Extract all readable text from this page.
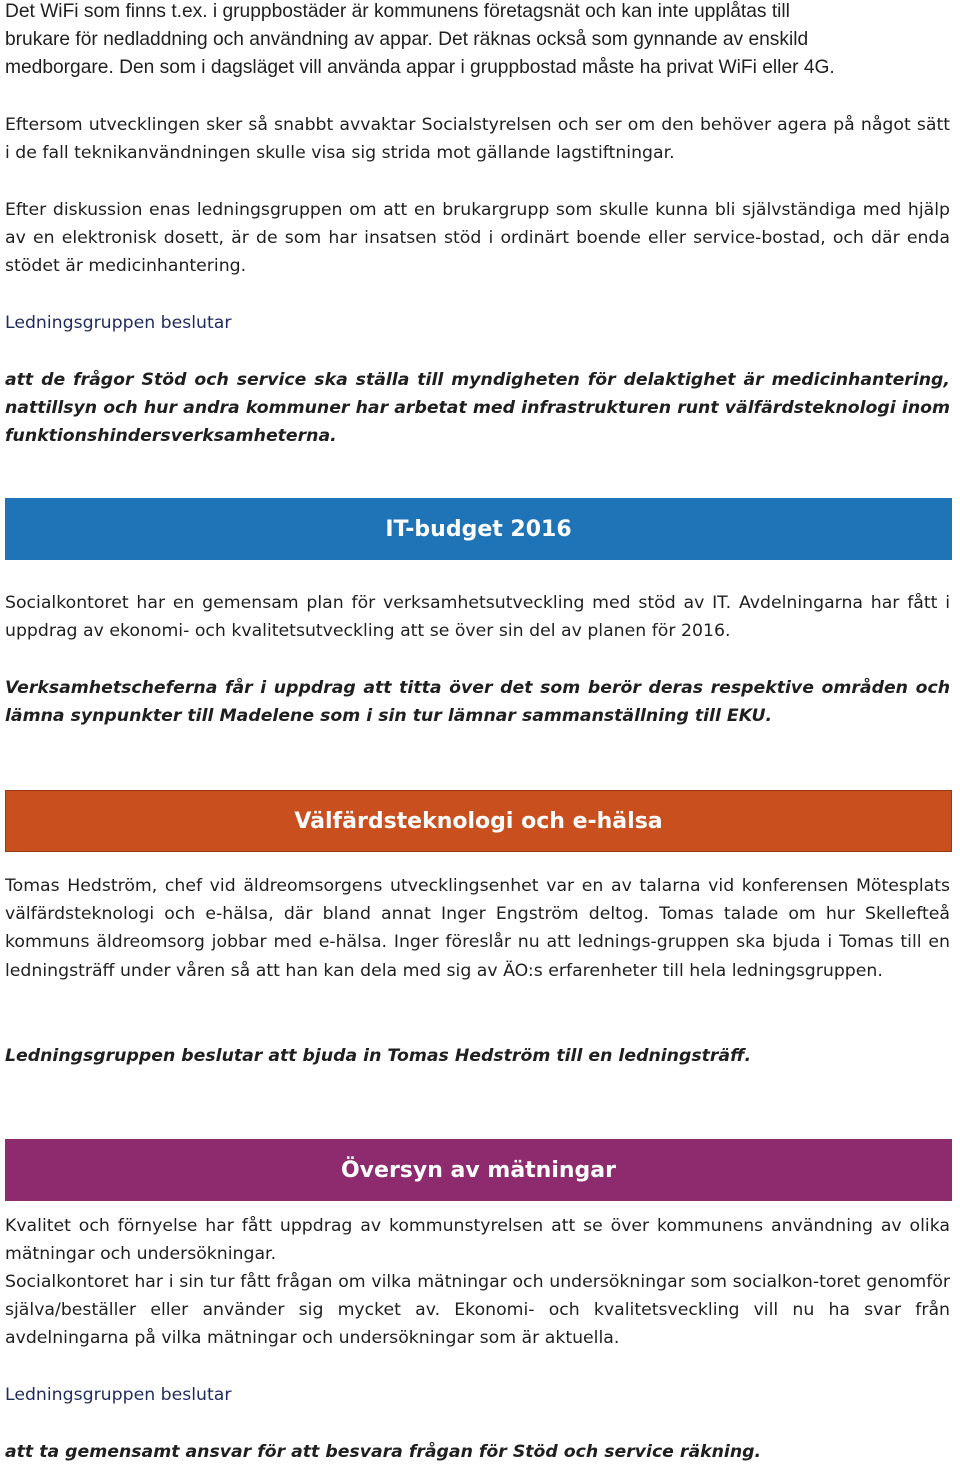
Det WiFi som finns t.ex. i gruppbostäder är kommunens företagsnät och kan inte upplåtas till
brukare för nedladdning och användning av appar. Det räknas också som gynnande av enskild
medborgare. Den som i dagsläget vill använda appar i gruppbostad måste ha privat WiFi eller 4G.

Eftersom utvecklingen sker så snabbt avvaktar Socialstyrelsen och ser om den behöver agera på något sätt i de fall teknikanvändningen skulle visa sig strida mot gällande lagstiftningar.

Efter diskussion enas ledningsgruppen om att en brukargrupp som skulle kunna bli självständiga med hjälp av en elektronisk dosett, är de som har insatsen stöd i ordinärt boende eller service-bostad, och där enda stödet är medicinhantering.

Ledningsgruppen beslutar

att de frågor Stöd och service ska ställa till myndigheten för delaktighet är medicinhantering, nattillsyn och hur andra kommuner har arbetat med infrastrukturen runt välfärdsteknologi inom funktionshindersverksamheterna.

IT-budget 2016

Socialkontoret har en gemensam plan för verksamhetsutveckling med stöd av IT. Avdelningarna har fått i uppdrag av ekonomi- och kvalitetsutveckling att se över sin del av planen för 2016.

Verksamhetscheferna får i uppdrag att titta över det som berör deras respektive områden och lämna synpunkter till Madelene som i sin tur lämnar sammanställning till EKU.

Välfärdsteknologi och e-hälsa

Tomas Hedström, chef vid äldreomsorgens utvecklingsenhet var en av talarna vid konferensen Mötesplats välfärdsteknologi och e-hälsa, där bland annat Inger Engström deltog. Tomas talade om hur Skellefteå kommuns äldreomsorg jobbar med e-hälsa. Inger föreslår nu att lednings-gruppen ska bjuda i Tomas till en ledningsträff under våren så att han kan dela med sig av ÄO:s erfarenheter till hela ledningsgruppen.

Ledningsgruppen beslutar att bjuda in Tomas Hedström till en ledningsträff.

Översyn av mätningar

Kvalitet och förnyelse har fått uppdrag av kommunstyrelsen att se över kommunens användning av olika mätningar och undersökningar.

Socialkontoret har i sin tur fått frågan om vilka mätningar och undersökningar som socialkon-toret genomför själva/beställer eller använder sig mycket av. Ekonomi- och kvalitetsveckling vill nu ha svar från avdelningarna på vilka mätningar och undersökningar som är aktuella.

Ledningsgruppen beslutar

att ta gemensamt ansvar för att besvara frågan för Stöd och service räkning.
